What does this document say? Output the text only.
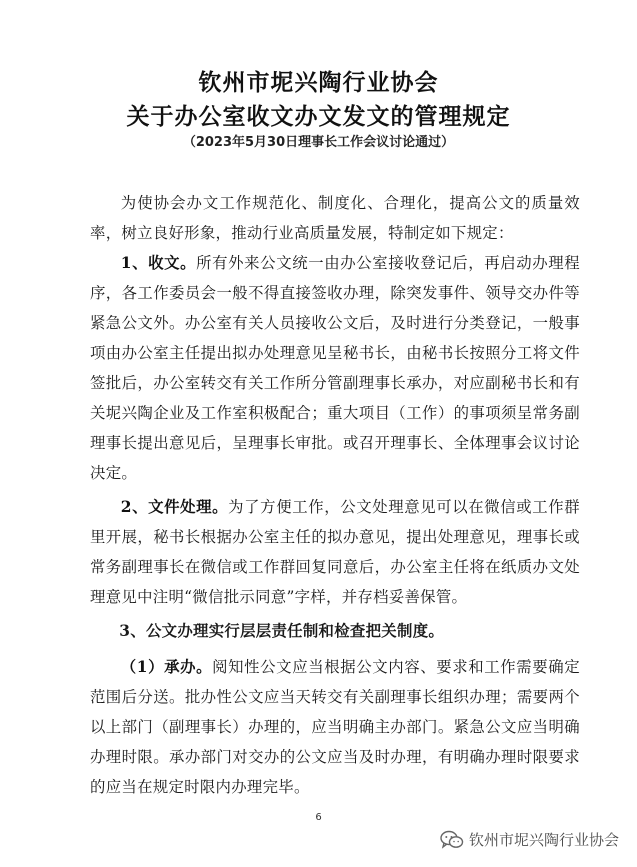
钦州市坭兴陶行业协会
关于办公室收文办文发文的管理规定
（2023年5月30日理事长工作会议讨论通过）

为使协会办文工作规范化、制度化、合理化，提高公文的质量效率，树立良好形象，推动行业高质量发展，特制定如下规定：

1、收文。所有外来公文统一由办公室接收登记后，再启动办理程序，各工作委员会一般不得直接签收办理，除突发事件、领导交办件等紧急公文外。办公室有关人员接收公文后，及时进行分类登记，一般事项由办公室主任提出拟办处理意见呈秘书长，由秘书长按照分工将文件签批后，办公室转交有关工作所分管副理事长承办，对应副秘书长和有关坭兴陶企业及工作室积极配合；重大项目（工作）的事项须呈常务副理事长提出意见后，呈理事长审批。或召开理事长、全体理事会议讨论决定。

2、文件处理。为了方便工作，公文处理意见可以在微信或工作群里开展，秘书长根据办公室主任的拟办意见，提出处理意见，理事长或常务副理事长在微信或工作群回复同意后，办公室主任将在纸质办文处理意见中注明“微信批示同意”字样，并存档妥善保管。

3、公文办理实行层层责任制和检查把关制度。

（1）承办。阅知性公文应当根据公文内容、要求和工作需要确定范围后分送。批办性公文应当天转交有关副理事长组织办理；需要两个以上部门（副理事长）办理的，应当明确主办部门。紧急公文应当明确办理时限。承办部门对交办的公文应当及时办理，有明确办理时限要求的应当在规定时限内办理完毕。

6
钦州市坭兴陶行业协会
